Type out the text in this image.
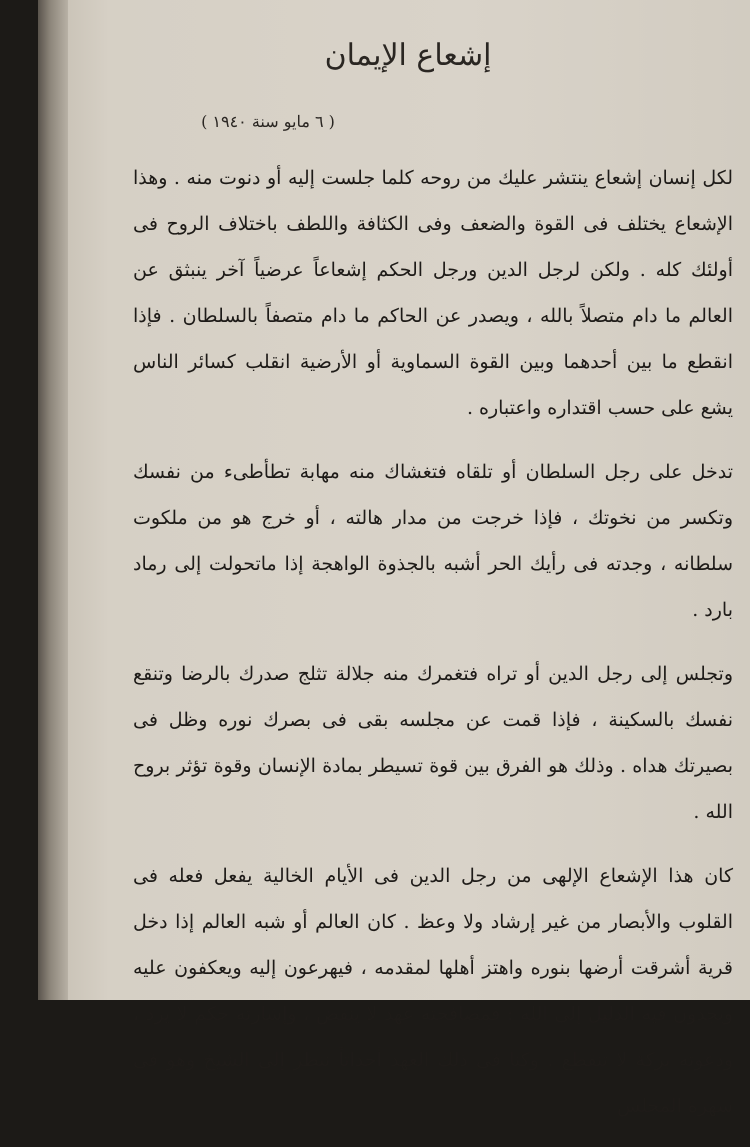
إشعاع الإيمان
( ٦ مايو سنة ١٩٤٠ )

لكل إنسان إشعاع ينتشر عليك من روحه كلما جلست إليه أو دنوت منه . وهذا الإشعاع يختلف فى القوة والضعف وفى الكثافة واللطف باختلاف الروح فى أولئك كله . ولكن لرجل الدين ورجل الحكم إشعاعاً عرضياً آخر ينبثق عن العالم ما دام متصلاً بالله ، ويصدر عن الحاكم ما دام متصفاً بالسلطان . فإذا انقطع ما بين أحدهما وبين القوة السماوية أو الأرضية انقلب كسائر الناس يشع على حسب اقتداره واعتباره .

تدخل على رجل السلطان أو تلقاه فتغشاك منه مهابة تطأطىء من نفسك وتكسر من نخوتك ، فإذا خرجت من مدار هالته ، أو خرج هو من ملكوت سلطانه ، وجدته فى رأيك الحر أشبه بالجذوة الواهجة إذا ماتحولت إلى رماد بارد .

وتجلس إلى رجل الدين أو تراه فتغمرك منه جلالة تثلج صدرك بالرضا وتنقع نفسك بالسكينة ، فإذا قمت عن مجلسه بقى فى بصرك نوره وظل فى بصيرتك هداه . وذلك هو الفرق بين قوة تسيطر بمادة الإنسان وقوة تؤثر بروح الله .

كان هذا الإشعاع الإلهى من رجل الدين فى الأيام الخالية يفعل فعله فى القلوب والأبصار من غير إرشاد ولا وعظ . كان العالم أو شبه العالم إذا دخل قرية أشرقت أرضها بنوره واهتز أهلها لمقدمه ، فيهرعون إليه ويعكفون عليه ويجدون فيه الدليل إلى الله : فمصافحته عهد لا ينقض ، وإشارته حكم لا يرد ، ودعوته بركة لا تنقطع . وكنا فى ذلك العهد أحداثاً ننظر إلى الشيخ وهو فى سهرة المجلس
